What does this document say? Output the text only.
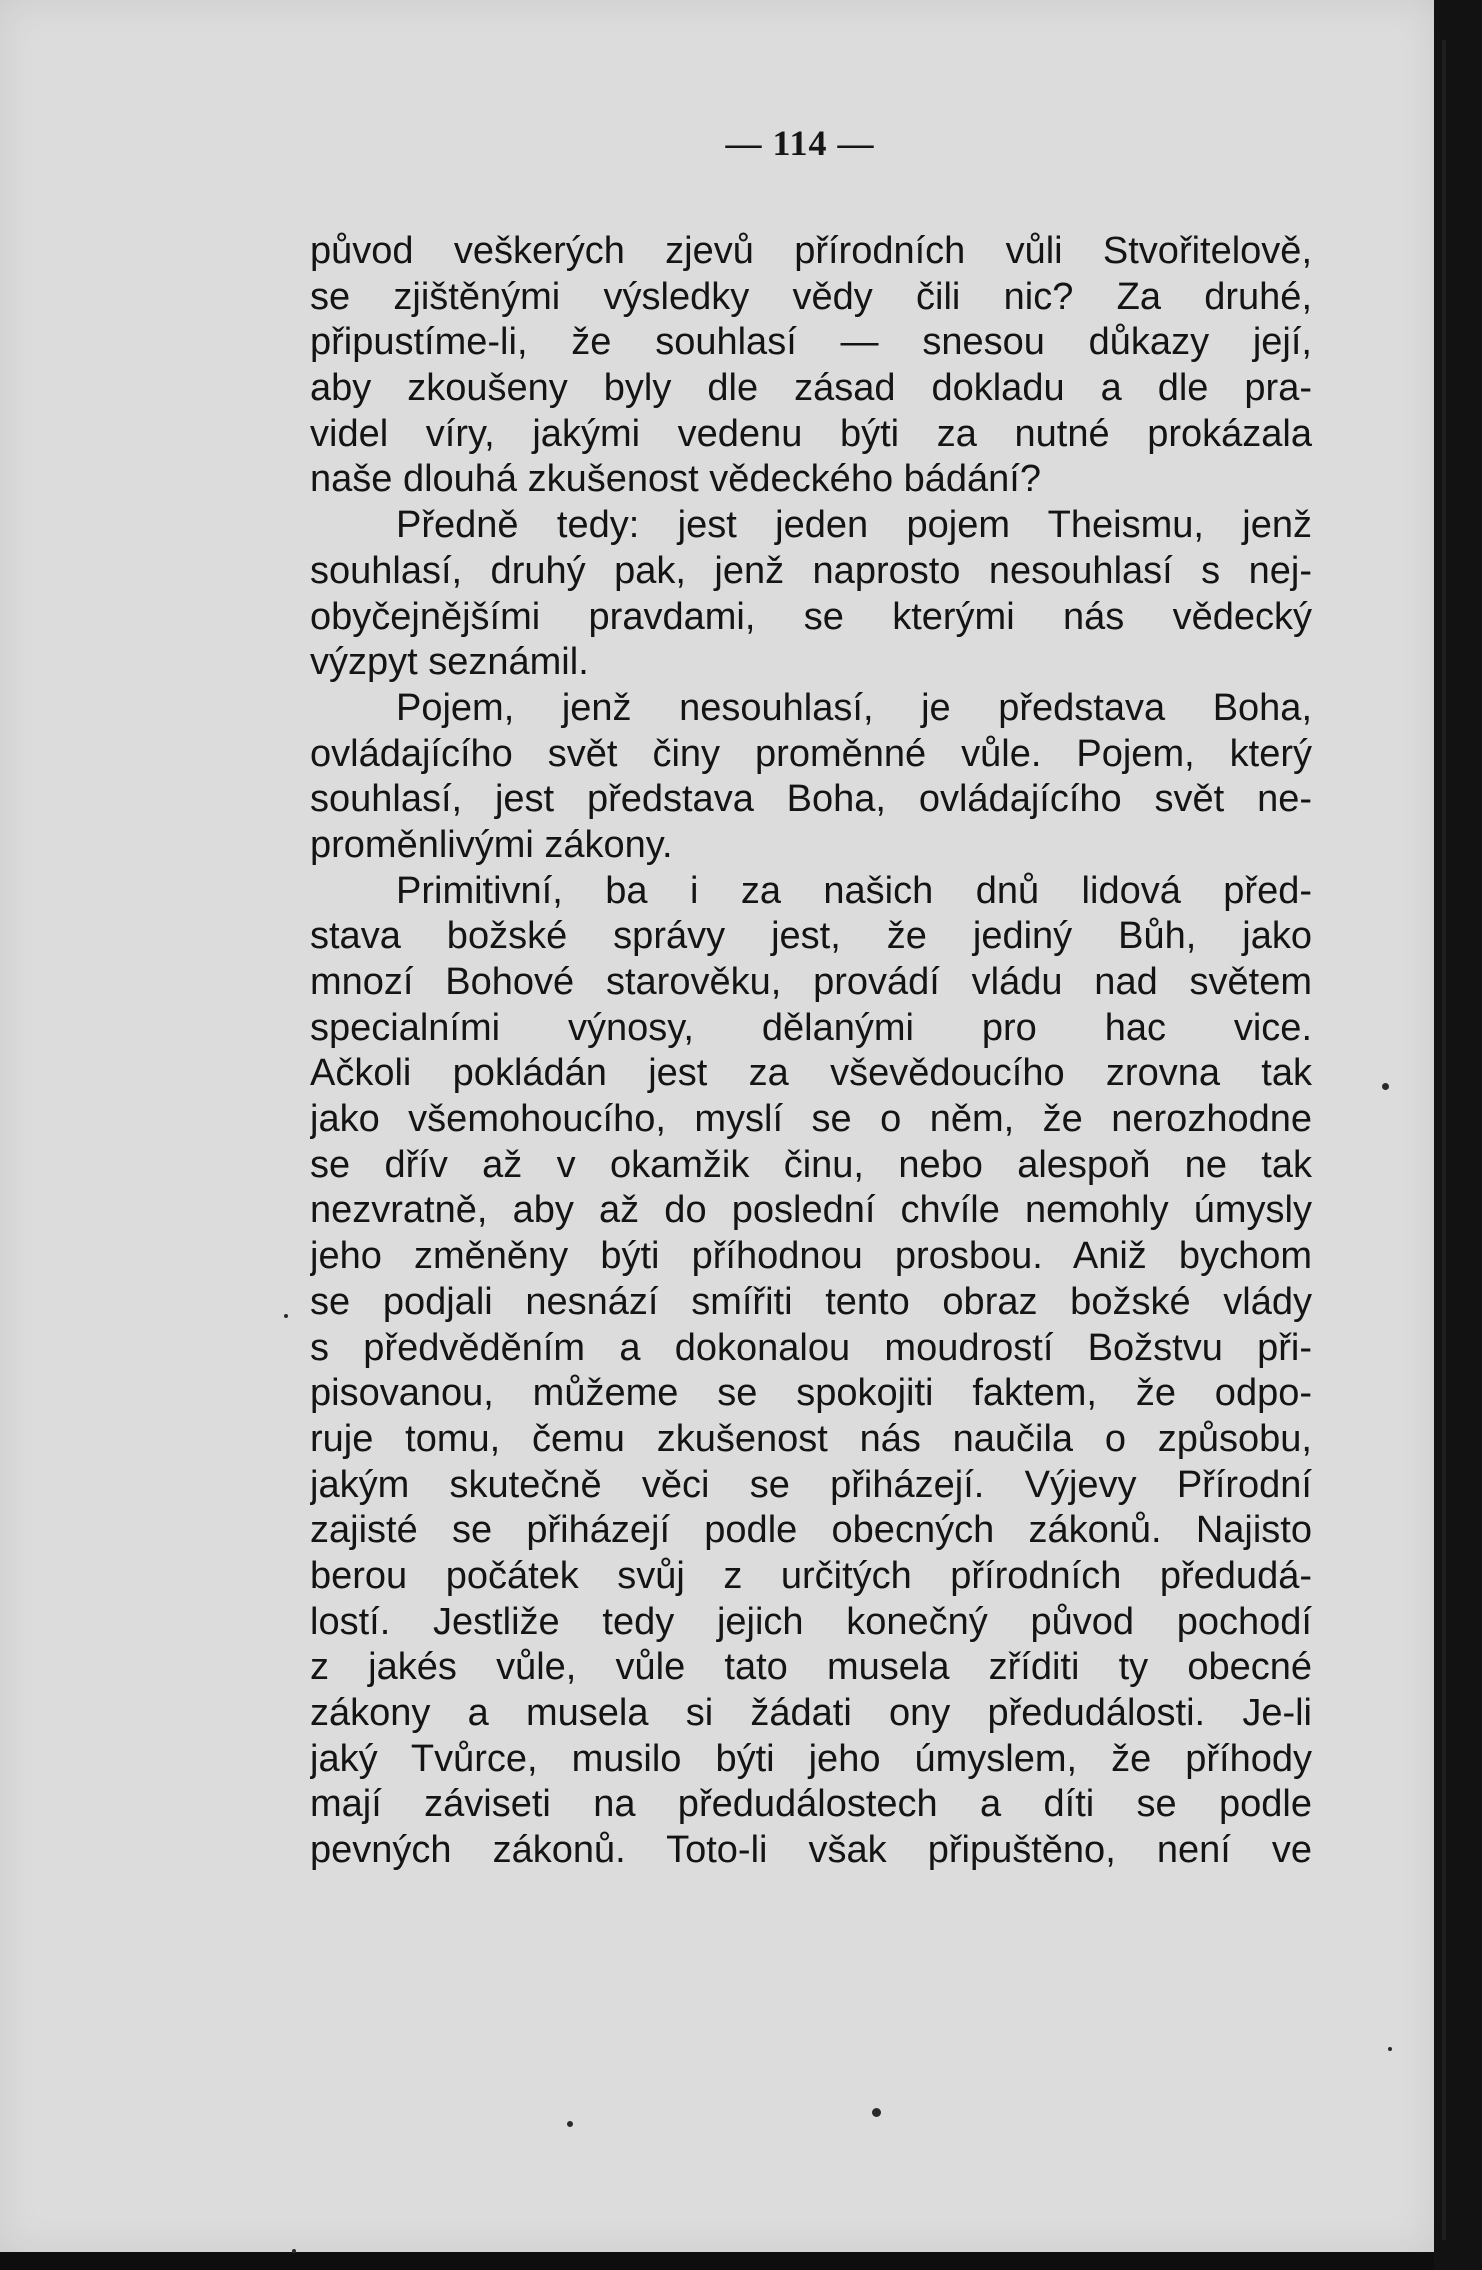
— 114 —
původ veškerých zjevů přírodních vůli Stvořitelově,
se zjištěnými výsledky vědy čili nic? Za druhé,
připustíme-li, že souhlasí — snesou důkazy její,
aby zkoušeny byly dle zásad dokladu a dle pra-
videl víry, jakými vedenu býti za nutné prokázala
naše dlouhá zkušenost vědeckého bádání?
Předně tedy: jest jeden pojem Theismu, jenž
souhlasí, druhý pak, jenž naprosto nesouhlasí s nej-
obyčejnějšími pravdami, se kterými nás vědecký
výzpyt seznámil.
Pojem, jenž nesouhlasí, je představa Boha,
ovládajícího svět činy proměnné vůle. Pojem, který
souhlasí, jest představa Boha, ovládajícího svět ne-
proměnlivými zákony.
Primitivní, ba i za našich dnů lidová před-
stava božské správy jest, že jediný Bůh, jako
mnozí Bohové starověku, provádí vládu nad světem
specialními výnosy, dělanými pro hac vice.
Ačkoli pokládán jest za vševědoucího zrovna tak
jako všemohoucího, myslí se o něm, že nerozhodne
se dřív až v okamžik činu, nebo alespoň ne tak
nezvratně, aby až do poslední chvíle nemohly úmysly
jeho změněny býti příhodnou prosbou. Aniž bychom
se podjali nesnází smířiti tento obraz božské vlády
s předvěděním a dokonalou moudrostí Božstvu při-
pisovanou, můžeme se spokojiti faktem, že odpo-
ruje tomu, čemu zkušenost nás naučila o způsobu,
jakým skutečně věci se přiházejí. Výjevy Přírodní
zajisté se přiházejí podle obecných zákonů. Najisto
berou počátek svůj z určitých přírodních předudá-
lostí. Jestliže tedy jejich konečný původ pochodí
z jakés vůle, vůle tato musela zříditi ty obecné
zákony a musela si žádati ony předudálosti. Je-li
jaký Tvůrce, musilo býti jeho úmyslem, že příhody
mají záviseti na předudálostech a díti se podle
pevných zákonů. Toto-li však připuštěno, není ve
